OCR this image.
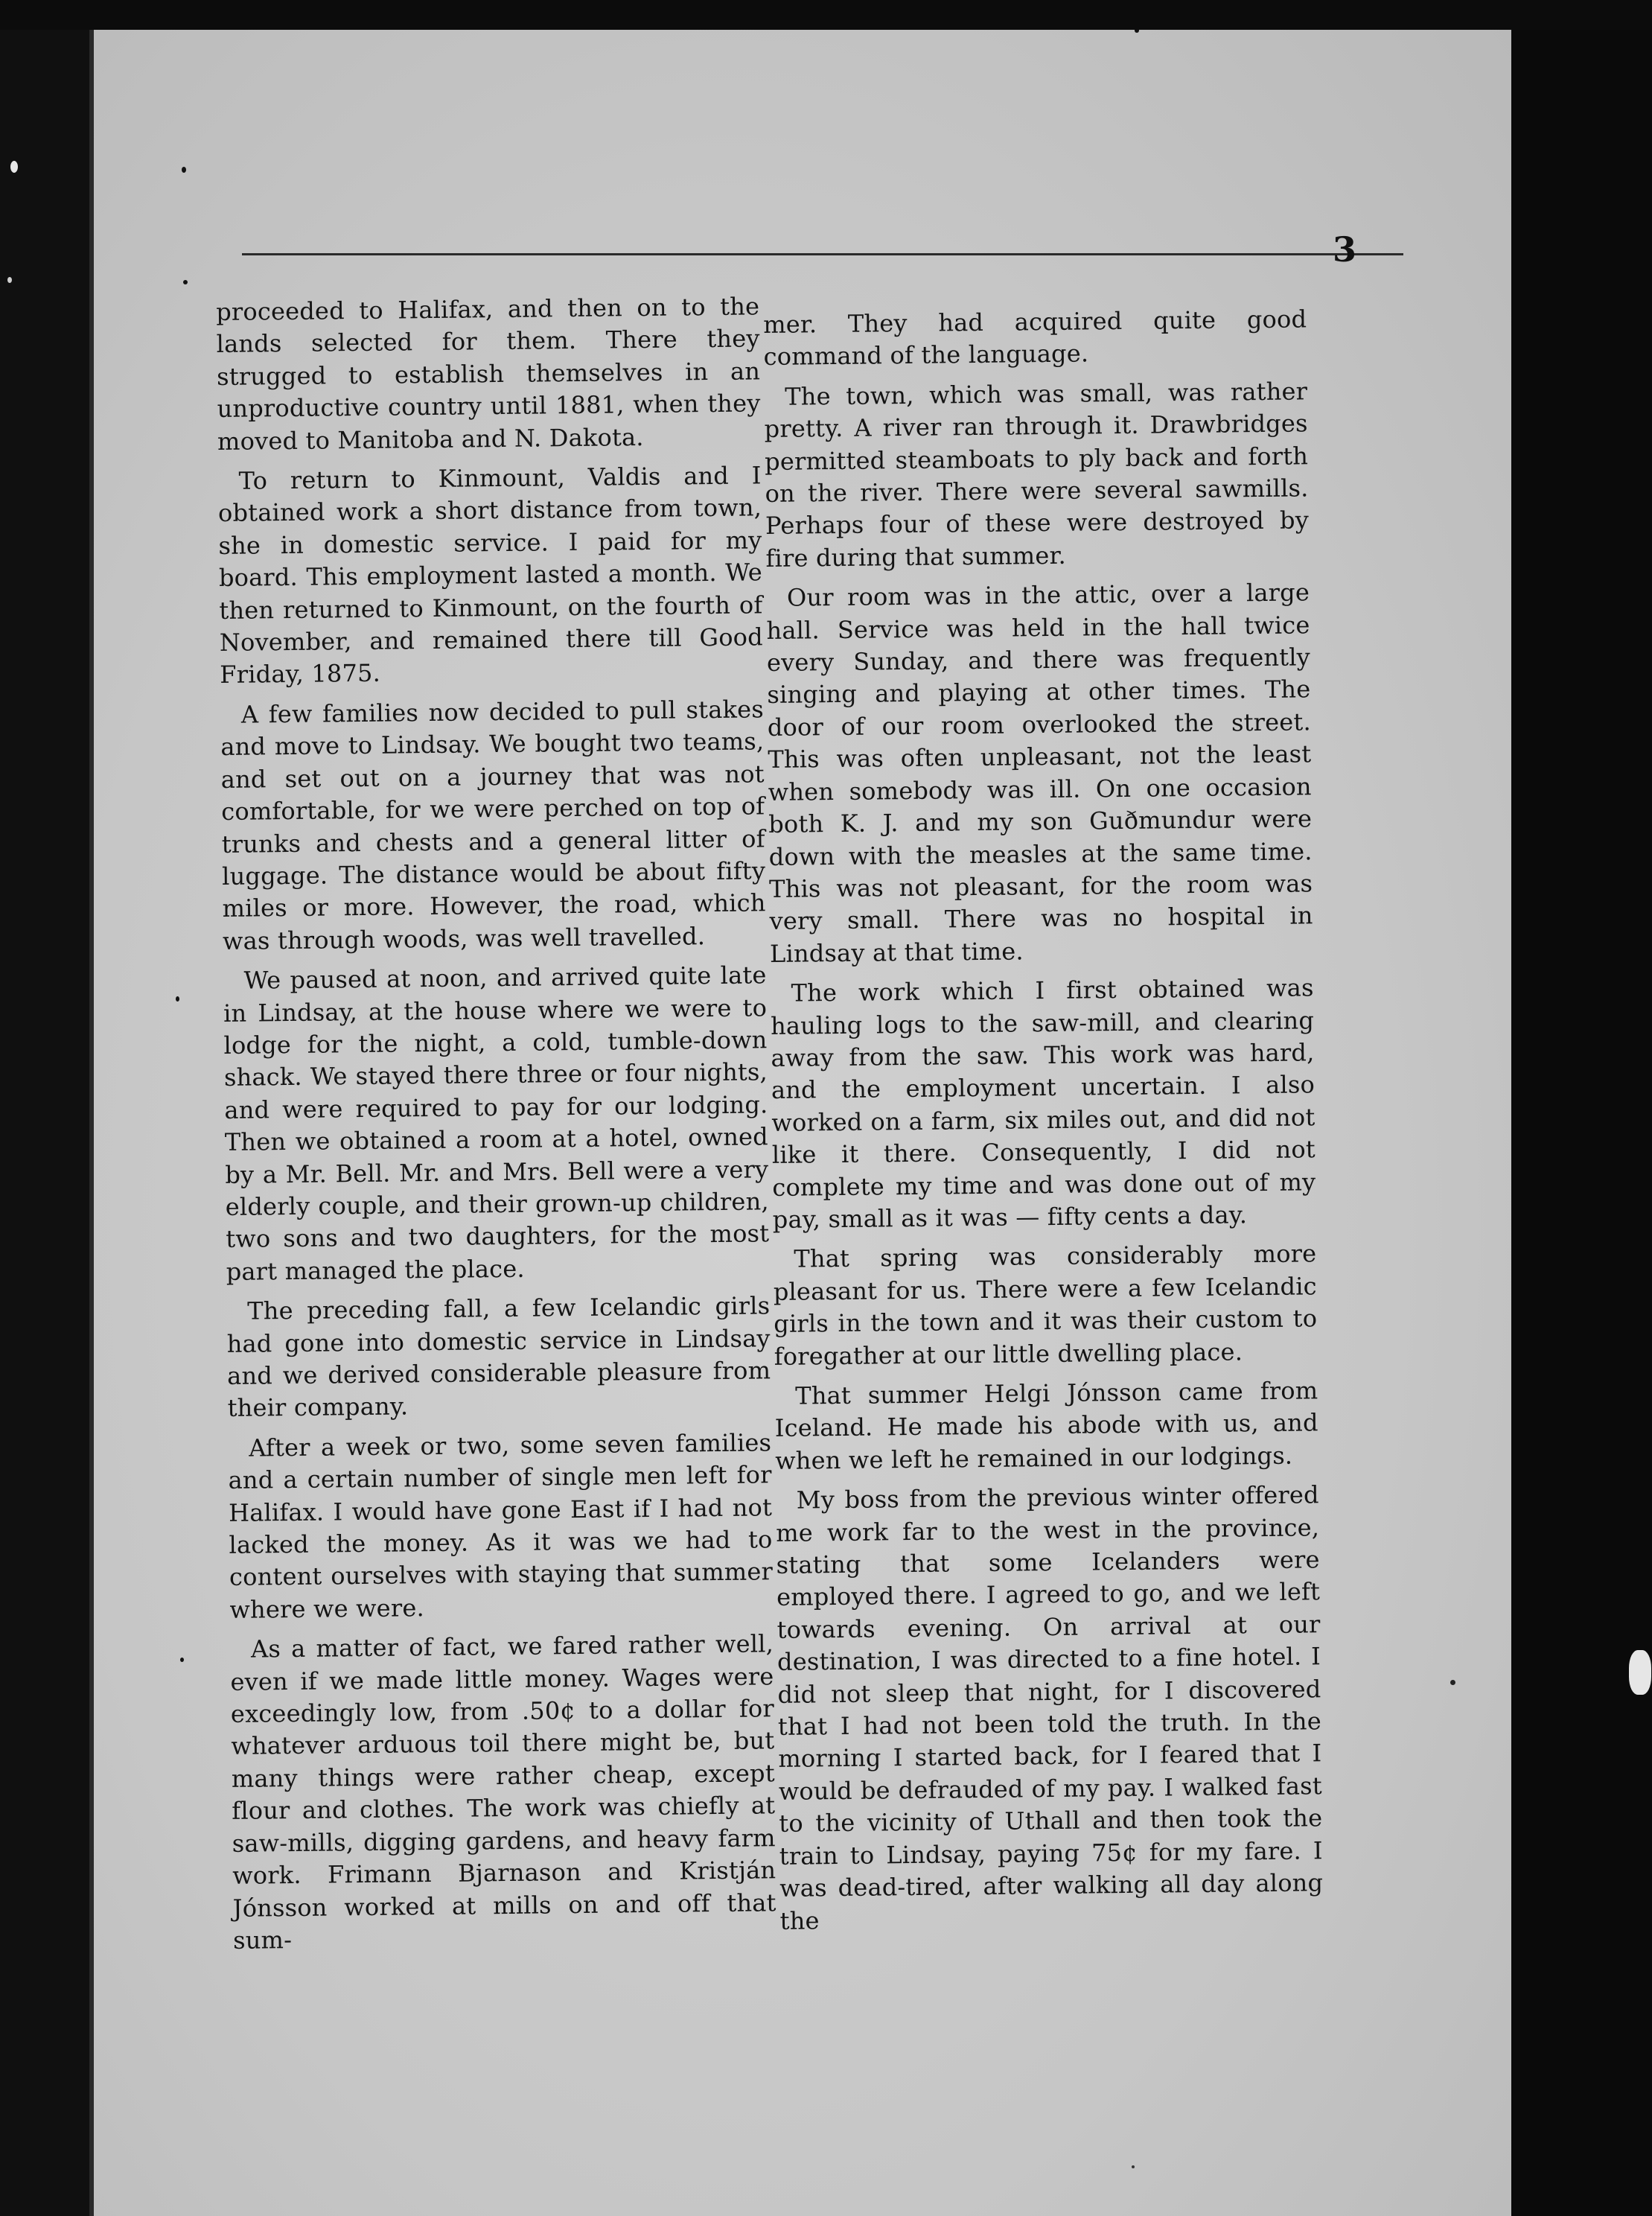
3

proceeded to Halifax, and then on to the lands selected for them. There they strugged to establish themselves in an unproductive country until 1881, when they moved to Manitoba and N. Dakota.

To return to Kinmount, Valdis and I obtained work a short distance from town, she in domestic service. I paid for my board. This employment lasted a month. We then returned to Kinmount, on the fourth of November, and remained there till Good Friday, 1875.

A few families now decided to pull stakes and move to Lindsay. We bought two teams, and set out on a journey that was not comfortable, for we were perched on top of trunks and chests and a general litter of luggage. The distance would be about fifty miles or more. However, the road, which was through woods, was well travelled.

We paused at noon, and arrived quite late in Lindsay, at the house where we were to lodge for the night, a cold, tumble-down shack. We stayed there three or four nights, and were required to pay for our lodging. Then we obtained a room at a hotel, owned by a Mr. Bell. Mr. and Mrs. Bell were a very elderly couple, and their grown-up children, two sons and two daughters, for the most part managed the place.

The preceding fall, a few Icelandic girls had gone into domestic service in Lindsay and we derived considerable pleasure from their company.

After a week or two, some seven families and a certain number of single men left for Halifax. I would have gone East if I had not lacked the money. As it was we had to content ourselves with staying that summer where we were.

As a matter of fact, we fared rather well, even if we made little money. Wages were exceedingly low, from .50¢ to a dollar for whatever arduous toil there might be, but many things were rather cheap, except flour and clothes. The work was chiefly at saw-mills, digging gardens, and heavy farm work. Frimann Bjarnason and Kristján Jónsson worked at mills on and off that sum-

mer. They had acquired quite good command of the language.

The town, which was small, was rather pretty. A river ran through it. Drawbridges permitted steamboats to ply back and forth on the river. There were several sawmills. Perhaps four of these were destroyed by fire during that summer.

Our room was in the attic, over a large hall. Service was held in the hall twice every Sunday, and there was frequently singing and playing at other times. The door of our room overlooked the street. This was often unpleasant, not the least when somebody was ill. On one occasion both K. J. and my son Guðmundur were down with the measles at the same time. This was not pleasant, for the room was very small. There was no hospital in Lindsay at that time.

The work which I first obtained was hauling logs to the saw-mill, and clearing away from the saw. This work was hard, and the employment uncertain. I also worked on a farm, six miles out, and did not like it there. Consequently, I did not complete my time and was done out of my pay, small as it was — fifty cents a day.

That spring was considerably more pleasant for us. There were a few Icelandic girls in the town and it was their custom to foregather at our little dwelling place.

That summer Helgi Jónsson came from Iceland. He made his abode with us, and when we left he remained in our lodgings.

My boss from the previous winter offered me work far to the west in the province, stating that some Icelanders were employed there. I agreed to go, and we left towards evening. On arrival at our destination, I was directed to a fine hotel. I did not sleep that night, for I discovered that I had not been told the truth. In the morning I started back, for I feared that I would be defrauded of my pay. I walked fast to the vicinity of Uthall and then took the train to Lindsay, paying 75¢ for my fare. I was dead-tired, after walking all day along the
